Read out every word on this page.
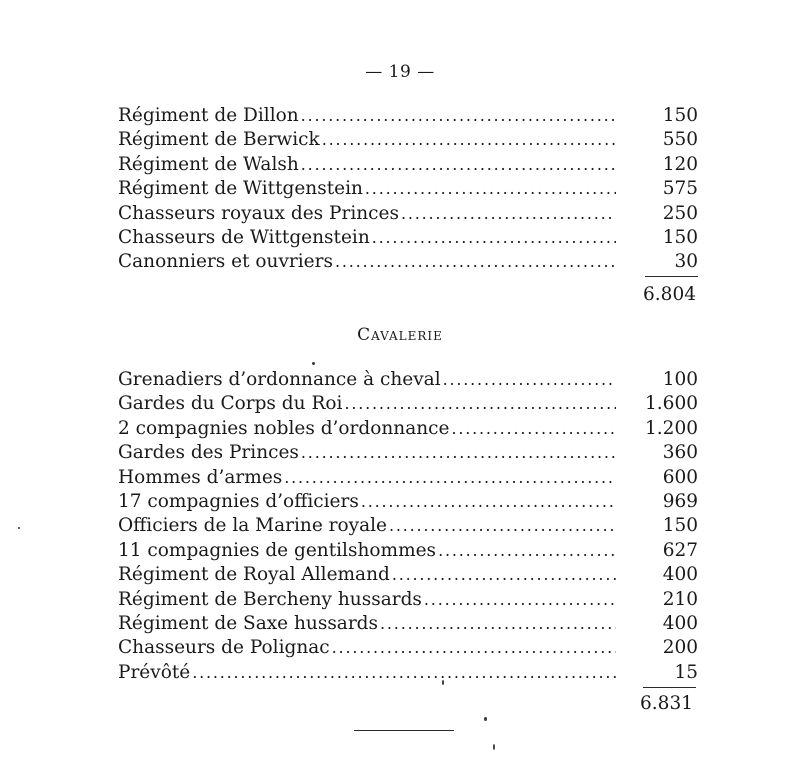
— 19 —
Régiment de Dillon .....	150
Régiment de Berwick .....	550
Régiment de Walsh .....	120
Régiment de Wittgenstein .....	575
Chasseurs royaux des Princes .....	250
Chasseurs de Wittgenstein .....	150
Canonniers et ouvriers .....	30
6.804
Cavalerie
Grenadiers d’ordonnance à cheval .....	100
Gardes du Corps du Roi .....	1.600
2 compagnies nobles d’ordonnance .....	1.200
Gardes des Princes .....	360
Hommes d’armes .....	600
17 compagnies d’officiers .....	969
Officiers de la Marine royale .....	150
11 compagnies de gentilshommes .....	627
Régiment de Royal Allemand .....	400
Régiment de Bercheny hussards .....	210
Régiment de Saxe hussards .....	400
Chasseurs de Polignac .....	200
Prévôté .....	15
6.831
